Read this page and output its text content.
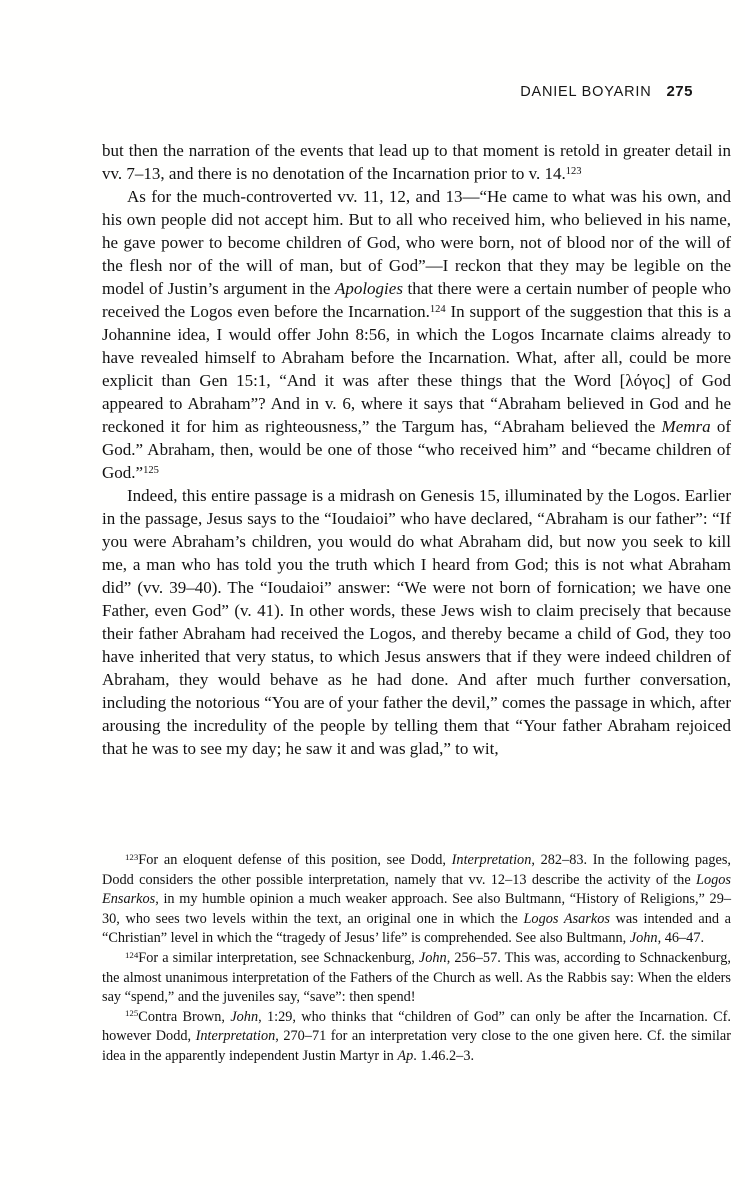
DANIEL BOYARIN 275

but then the narration of the events that lead up to that moment is retold in greater detail in vv. 7–13, and there is no denotation of the Incarnation prior to v. 14.$^{123}$

As for the much-controverted vv. 11, 12, and 13—“He came to what was his own, and his own people did not accept him. But to all who received him, who believed in his name, he gave power to become children of God, who were born, not of blood nor of the will of the flesh nor of the will of man, but of God”—I reckon that they may be legible on the model of Justin’s argument in the Apologies that there were a certain number of people who received the Logos even before the Incarnation.$^{124}$ In support of the suggestion that this is a Johannine idea, I would offer John 8:56, in which the Logos Incarnate claims already to have revealed himself to Abraham before the Incarnation. What, after all, could be more explicit than Gen 15:1, “And it was after these things that the Word [λόγος] of God appeared to Abraham”? And in v. 6, where it says that “Abraham believed in God and he reckoned it for him as righteousness,” the Targum has, “Abraham believed the Memra of God.” Abraham, then, would be one of those “who received him” and “became children of God.”$^{125}$

Indeed, this entire passage is a midrash on Genesis 15, illuminated by the Logos. Earlier in the passage, Jesus says to the “Ioudaioi” who have declared, “Abraham is our father”: “If you were Abraham’s children, you would do what Abraham did, but now you seek to kill me, a man who has told you the truth which I heard from God; this is not what Abraham did” (vv. 39–40). The “Ioudaioi” answer: “We were not born of fornication; we have one Father, even God” (v. 41). In other words, these Jews wish to claim precisely that because their father Abraham had received the Logos, and thereby became a child of God, they too have inherited that very status, to which Jesus answers that if they were indeed children of Abraham, they would behave as he had done. And after much further conversation, including the notorious “You are of your father the devil,” comes the passage in which, after arousing the incredulity of the people by telling them that “Your father Abraham rejoiced that he was to see my day; he saw it and was glad,” to wit,

$^{123}$For an eloquent defense of this position, see Dodd, Interpretation, 282–83. In the following pages, Dodd considers the other possible interpretation, namely that vv. 12–13 describe the activity of the Logos Ensarkos, in my humble opinion a much weaker approach. See also Bultmann, “History of Religions,” 29–30, who sees two levels within the text, an original one in which the Logos Asarkos was intended and a “Christian” level in which the “tragedy of Jesus’ life” is comprehended. See also Bultmann, John, 46–47.

$^{124}$For a similar interpretation, see Schnackenburg, John, 256–57. This was, according to Schnackenburg, the almost unanimous interpretation of the Fathers of the Church as well. As the Rabbis say: When the elders say “spend,” and the juveniles say, “save”: then spend!

$^{125}$Contra Brown, John, 1:29, who thinks that “children of God” can only be after the Incarnation. Cf. however Dodd, Interpretation, 270–71 for an interpretation very close to the one given here. Cf. the similar idea in the apparently independent Justin Martyr in Ap. 1.46.2–3.
